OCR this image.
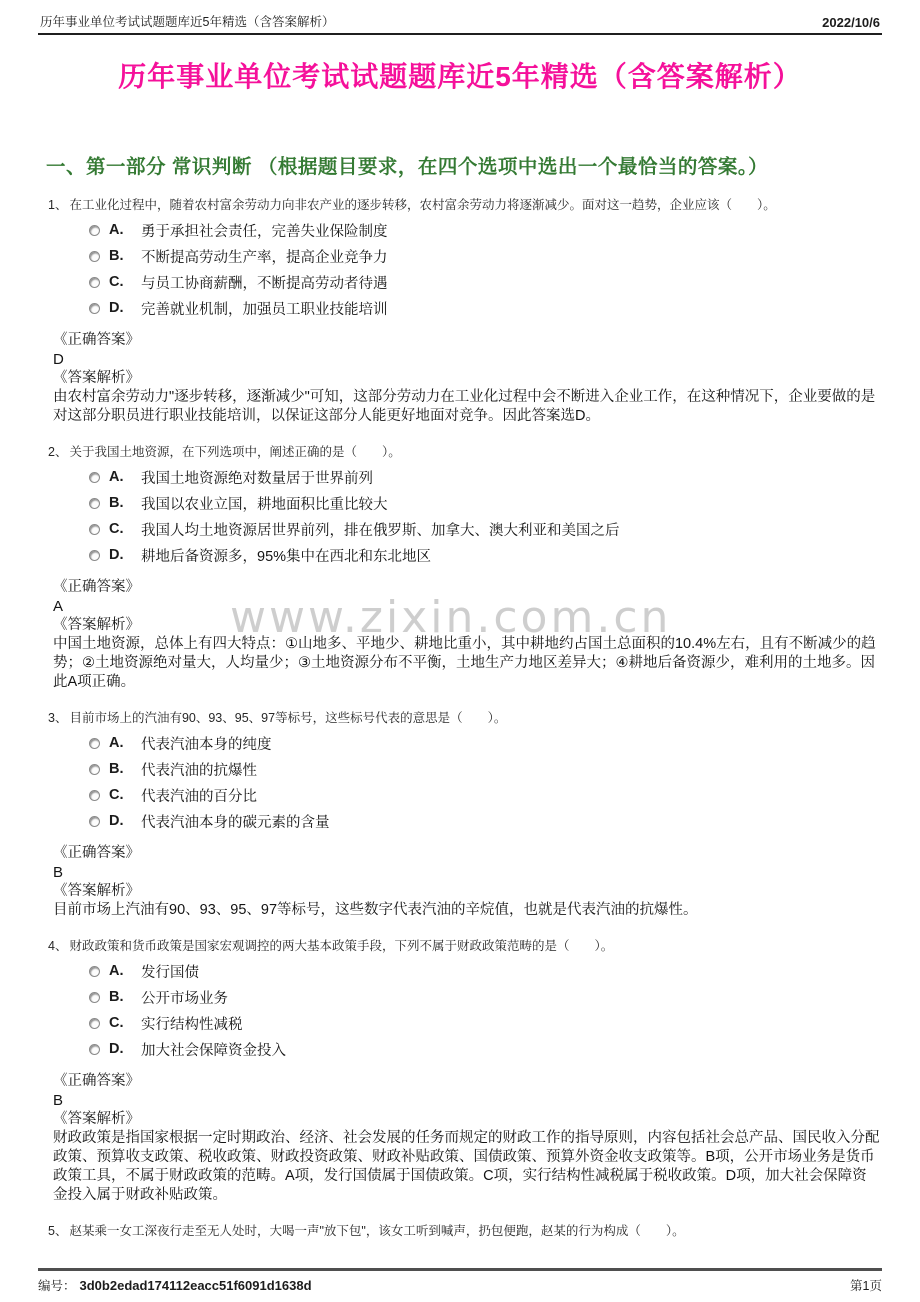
历年事业单位考试试题题库近5年精选（含答案解析）	2022/10/6
历年事业单位考试试题题库近5年精选（含答案解析）
一、第一部分 常识判断 （根据题目要求，在四个选项中选出一个最恰当的答案。）

1、 在工业化过程中，随着农村富余劳动力向非农产业的逐步转移，农村富余劳动力将逐渐减少。面对这一趋势，企业应该（　　）。

A.	勇于承担社会责任，完善失业保险制度
B.	不断提高劳动生产率，提高企业竞争力
C.	与员工协商薪酬，不断提高劳动者待遇
D.	完善就业机制，加强员工职业技能培训
《正确答案》
D
《答案解析》
由农村富余劳动力"逐步转移，逐渐减少"可知，这部分劳动力在工业化过程中会不断进入企业工作，在这种情况下，企业要做的是对这部分职员进行职业技能培训，以保证这部分人能更好地面对竞争。因此答案选D。

2、 关于我国土地资源，在下列选项中，阐述正确的是（　　）。

A.	我国土地资源绝对数量居于世界前列
B.	我国以农业立国，耕地面积比重比较大
C.	我国人均土地资源居世界前列，排在俄罗斯、加拿大、澳大利亚和美国之后
D.	耕地后备资源多，95%集中在西北和东北地区
《正确答案》
A
《答案解析》
中国土地资源，总体上有四大特点：①山地多、平地少、耕地比重小，其中耕地约占国土总面积的10.4%左右，且有不断减少的趋势；②土地资源绝对量大，人均量少；③土地资源分布不平衡，土地生产力地区差异大；④耕地后备资源少，难利用的土地多。因此A项正确。

3、 目前市场上的汽油有90、93、95、97等标号，这些标号代表的意思是（　　）。

A.	代表汽油本身的纯度
B.	代表汽油的抗爆性
C.	代表汽油的百分比
D.	代表汽油本身的碳元素的含量
《正确答案》
B
《答案解析》
目前市场上汽油有90、93、95、97等标号，这些数字代表汽油的辛烷值，也就是代表汽油的抗爆性。

4、 财政政策和货币政策是国家宏观调控的两大基本政策手段，下列不属于财政政策范畴的是（　　）。

A.	发行国债
B.	公开市场业务
C.	实行结构性减税
D.	加大社会保障资金投入
《正确答案》
B
《答案解析》
财政政策是指国家根据一定时期政治、经济、社会发展的任务而规定的财政工作的指导原则，内容包括社会总产品、国民收入分配政策、预算收支政策、税收政策、财政投资政策、财政补贴政策、国债政策、预算外资金收支政策等。B项，公开市场业务是货币政策工具，不属于财政政策的范畴。A项，发行国债属于国债政策。C项，实行结构性减税属于税收政策。D项，加大社会保障资金投入属于财政补贴政策。

5、 赵某乘一女工深夜行走至无人处时，大喝一声"放下包"，该女工听到喊声，扔包便跑，赵某的行为构成（　　）。

www.zixin.com.cn
编号： 3d0b2edad174112eacc51f6091d1638d	第1页
